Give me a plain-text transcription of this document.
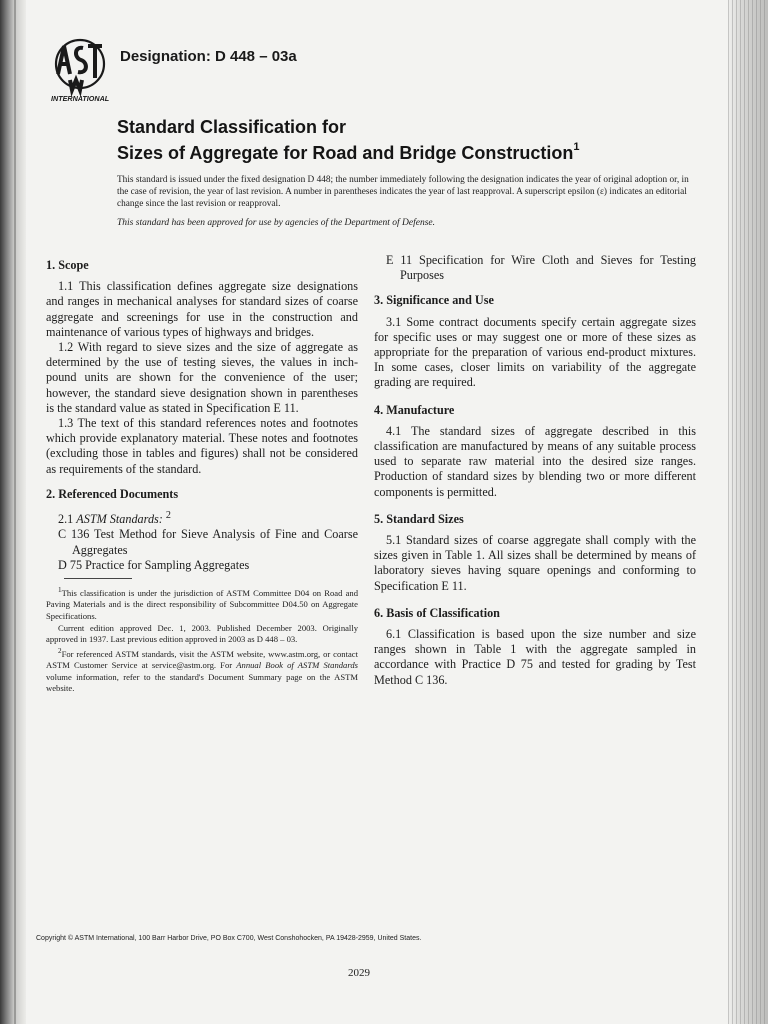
INTERNATIONAL
Designation: D 448 – 03a
Standard Classification for
Sizes of Aggregate for Road and Bridge Construction$^1$
This standard is issued under the fixed designation D 448; the number immediately following the designation indicates the year of original adoption or, in the case of revision, the year of last revision. A number in parentheses indicates the year of last reapproval. A superscript epsilon (ε) indicates an editorial change since the last revision or reapproval.
This standard has been approved for use by agencies of the Department of Defense.
1. Scope

1.1 This classification defines aggregate size designations and ranges in mechanical analyses for standard sizes of coarse aggregate and screenings for use in the construction and maintenance of various types of highways and bridges.

1.2 With regard to sieve sizes and the size of aggregate as determined by the use of testing sieves, the values in inch-pound units are shown for the convenience of the user; however, the standard sieve designation shown in parentheses is the standard value as stated in Specification E 11.

1.3 The text of this standard references notes and footnotes which provide explanatory material. These notes and footnotes (excluding those in tables and figures) shall not be considered as requirements of the standard.

2. Referenced Documents

2.1 ASTM Standards: $^2$

C 136 Test Method for Sieve Analysis of Fine and Coarse Aggregates

D 75 Practice for Sampling Aggregates

E 11 Specification for Wire Cloth and Sieves for Testing Purposes

3. Significance and Use

3.1 Some contract documents specify certain aggregate sizes for specific uses or may suggest one or more of these sizes as appropriate for the preparation of various end-product mixtures. In some cases, closer limits on variability of the aggregate grading are required.

4. Manufacture

4.1 The standard sizes of aggregate described in this classification are manufactured by means of any suitable process used to separate raw material into the desired size ranges. Production of standard sizes by blending two or more different components is permitted.

5. Standard Sizes

5.1 Standard sizes of coarse aggregate shall comply with the sizes given in Table 1. All sizes shall be determined by means of laboratory sieves having square openings and conforming to Specification E 11.

6. Basis of Classification

6.1 Classification is based upon the size number and size ranges shown in Table 1 with the aggregate sampled in accordance with Practice D 75 and tested for grading by Test Method C 136.

$^1$This classification is under the jurisdiction of ASTM Committee D04 on Road and Paving Materials and is the direct responsibility of Subcommittee D04.50 on Aggregate Specifications.

Current edition approved Dec. 1, 2003. Published December 2003. Originally approved in 1937. Last previous edition approved in 2003 as D 448 – 03.

$^2$For referenced ASTM standards, visit the ASTM website, www.astm.org, or contact ASTM Customer Service at service@astm.org. For Annual Book of ASTM Standards volume information, refer to the standard's Document Summary page on the ASTM website.

Copyright © ASTM International, 100 Barr Harbor Drive, PO Box C700, West Conshohocken, PA 19428-2959, United States.
2029
